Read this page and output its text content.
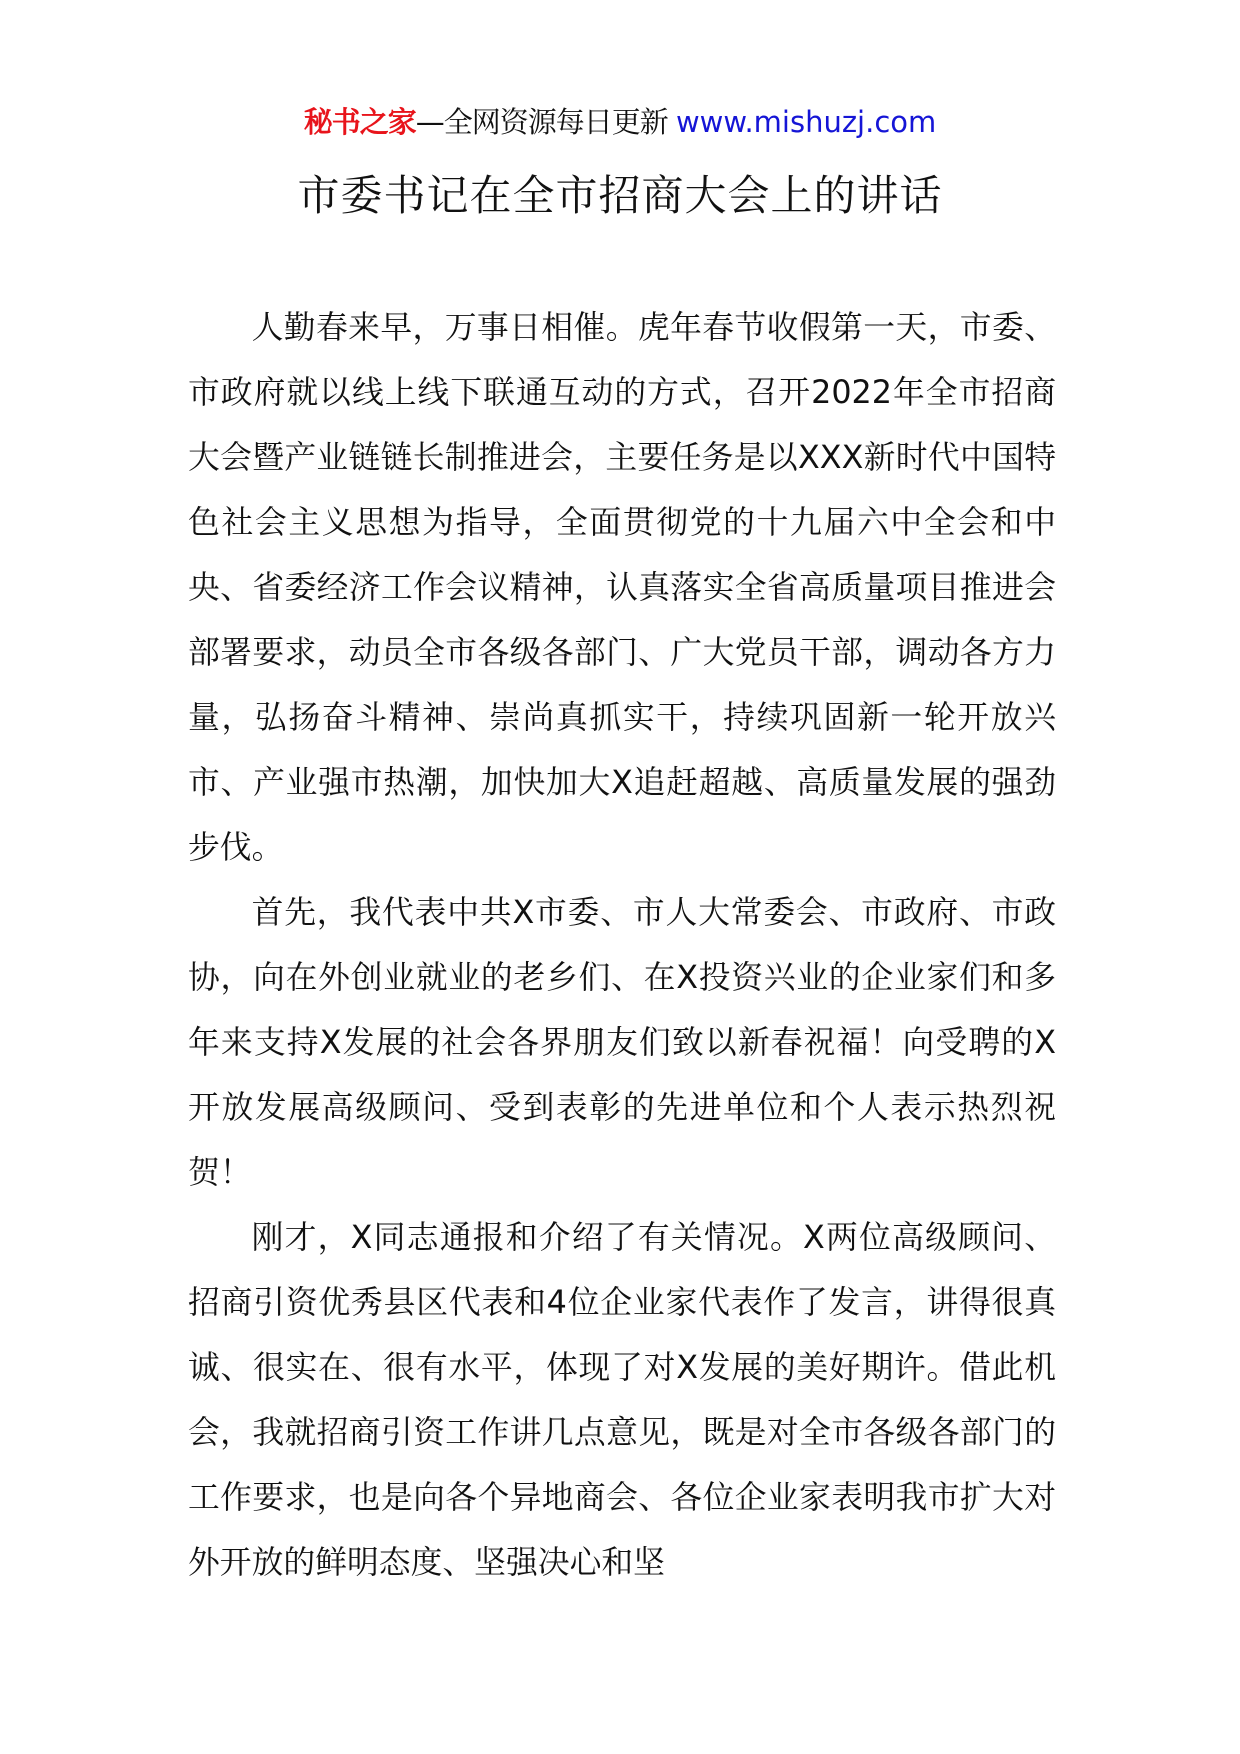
秘书之家—全网资源每日更新 www.mishuzj.com
市委书记在全市招商大会上的讲话

人勤春来早，万事日相催。虎年春节收假第一天，市委、市政府就以线上线下联通互动的方式，召开2022年全市招商大会暨产业链链长制推进会，主要任务是以XXX新时代中国特色社会主义思想为指导，全面贯彻党的十九届六中全会和中央、省委经济工作会议精神，认真落实全省高质量项目推进会部署要求，动员全市各级各部门、广大党员干部，调动各方力量，弘扬奋斗精神、崇尚真抓实干，持续巩固新一轮开放兴市、产业强市热潮，加快加大X追赶超越、高质量发展的强劲步伐。

首先，我代表中共X市委、市人大常委会、市政府、市政协，向在外创业就业的老乡们、在X投资兴业的企业家们和多年来支持X发展的社会各界朋友们致以新春祝福！向受聘的X开放发展高级顾问、受到表彰的先进单位和个人表示热烈祝贺！

刚才，X同志通报和介绍了有关情况。X两位高级顾问、招商引资优秀县区代表和4位企业家代表作了发言，讲得很真诚、很实在、很有水平，体现了对X发展的美好期许。借此机会，我就招商引资工作讲几点意见，既是对全市各级各部门的工作要求，也是向各个异地商会、各位企业家表明我市扩大对外开放的鲜明态度、坚强决心和坚
